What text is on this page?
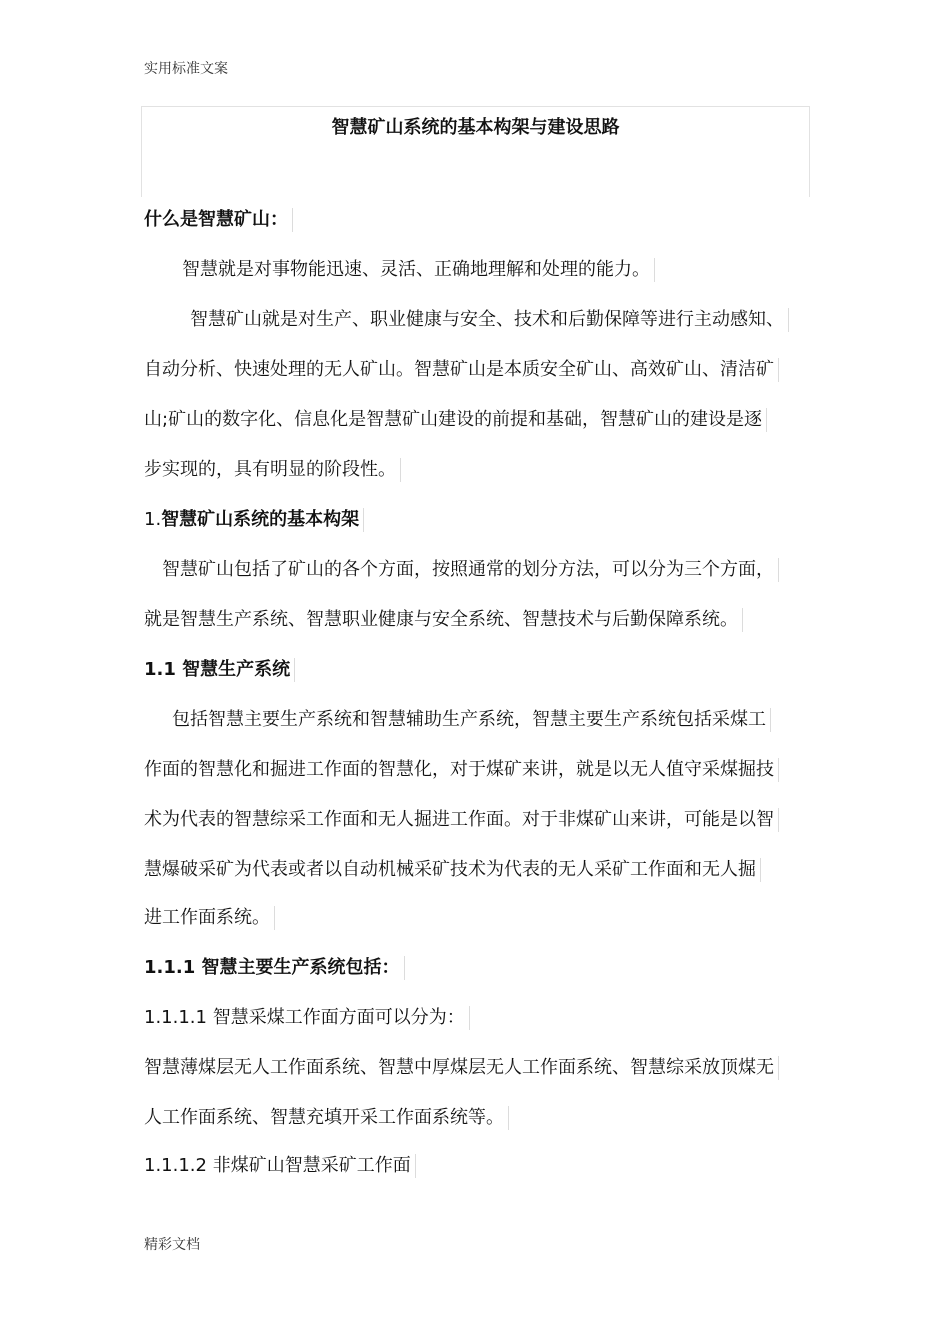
实用标准文案
智慧矿山系统的基本构架与建设思路
什么是智慧矿山：
智慧就是对事物能迅速、灵活、正确地理解和处理的能力。
智慧矿山就是对生产、职业健康与安全、技术和后勤保障等进行主动感知、
自动分析、快速处理的无人矿山。智慧矿山是本质安全矿山、高效矿山、清洁矿
山;矿山的数字化、信息化是智慧矿山建设的前提和基础，智慧矿山的建设是逐
步实现的，具有明显的阶段性。
1.智慧矿山系统的基本构架
智慧矿山包括了矿山的各个方面，按照通常的划分方法，可以分为三个方面，
就是智慧生产系统、智慧职业健康与安全系统、智慧技术与后勤保障系统。
1.1 智慧生产系统
包括智慧主要生产系统和智慧辅助生产系统，智慧主要生产系统包括采煤工
作面的智慧化和掘进工作面的智慧化，对于煤矿来讲，就是以无人值守采煤掘技
术为代表的智慧综采工作面和无人掘进工作面。对于非煤矿山来讲，可能是以智
慧爆破采矿为代表或者以自动机械采矿技术为代表的无人采矿工作面和无人掘
进工作面系统。
1.1.1 智慧主要生产系统包括：
1.1.1.1 智慧采煤工作面方面可以分为：
智慧薄煤层无人工作面系统、智慧中厚煤层无人工作面系统、智慧综采放顶煤无
人工作面系统、智慧充填开采工作面系统等。
1.1.1.2 非煤矿山智慧采矿工作面
精彩文档
